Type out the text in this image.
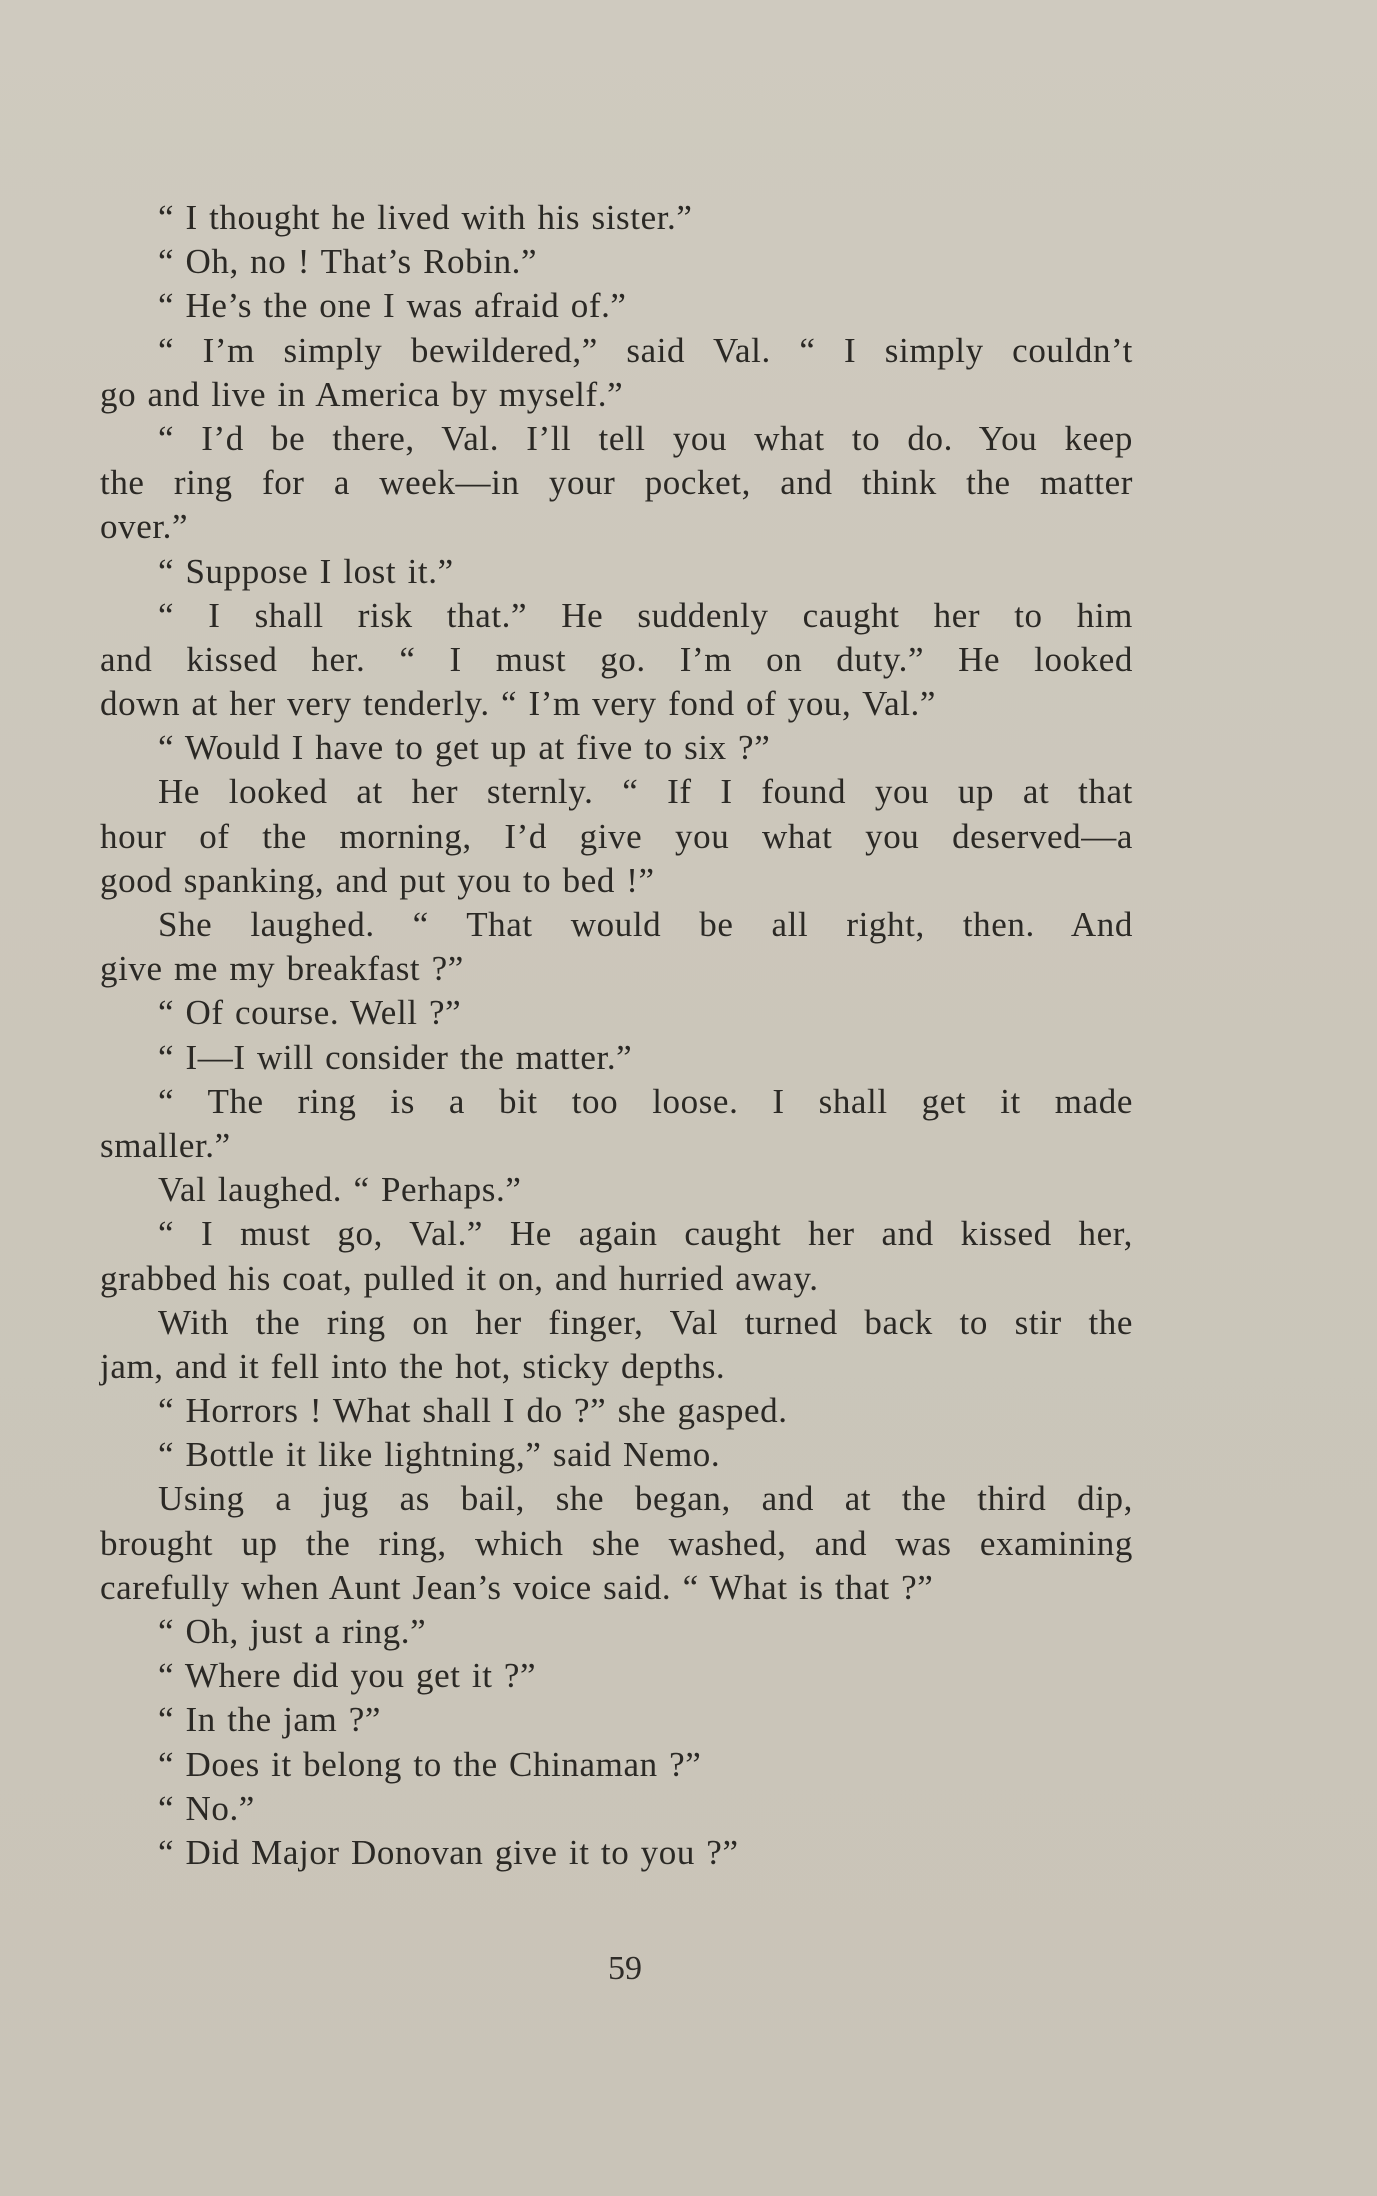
“ I thought he lived with his sister.”
“ Oh, no ! That’s Robin.”
“ He’s the one I was afraid of.”
“ I’m simply bewildered,” said Val. “ I simply couldn’t
go and live in America by myself.”
“ I’d be there, Val. I’ll tell you what to do. You keep
the ring for a week—in your pocket, and think the matter
over.”
“ Suppose I lost it.”
“ I shall risk that.” He suddenly caught her to him
and kissed her. “ I must go. I’m on duty.” He looked
down at her very tenderly. “ I’m very fond of you, Val.”
“ Would I have to get up at five to six ?”
He looked at her sternly. “ If I found you up at that
hour of the morning, I’d give you what you deserved—a
good spanking, and put you to bed !”
She laughed. “ That would be all right, then. And
give me my breakfast ?”
“ Of course. Well ?”
“ I—I will consider the matter.”
“ The ring is a bit too loose. I shall get it made
smaller.”
Val laughed. “ Perhaps.”
“ I must go, Val.” He again caught her and kissed her,
grabbed his coat, pulled it on, and hurried away.
With the ring on her finger, Val turned back to stir the
jam, and it fell into the hot, sticky depths.
“ Horrors ! What shall I do ?” she gasped.
“ Bottle it like lightning,” said Nemo.
Using a jug as bail, she began, and at the third dip,
brought up the ring, which she washed, and was examining
carefully when Aunt Jean’s voice said. “ What is that ?”
“ Oh, just a ring.”
“ Where did you get it ?”
“ In the jam ?”
“ Does it belong to the Chinaman ?”
“ No.”
“ Did Major Donovan give it to you ?”
59
